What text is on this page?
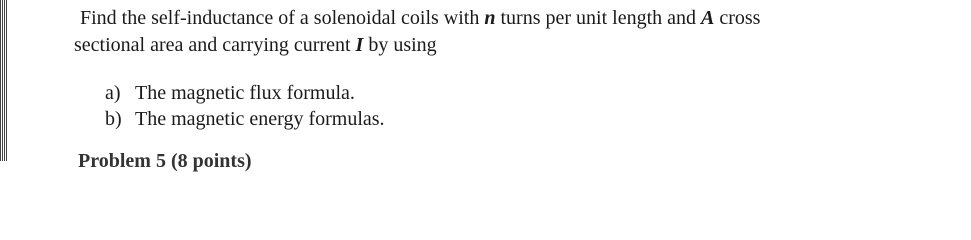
Find the self-inductance of a solenoidal coils with n turns per unit length and A cross
sectional area and carrying current I by using
a) The magnetic flux formula.
b) The magnetic energy formulas.
Problem 5 (8 points)
